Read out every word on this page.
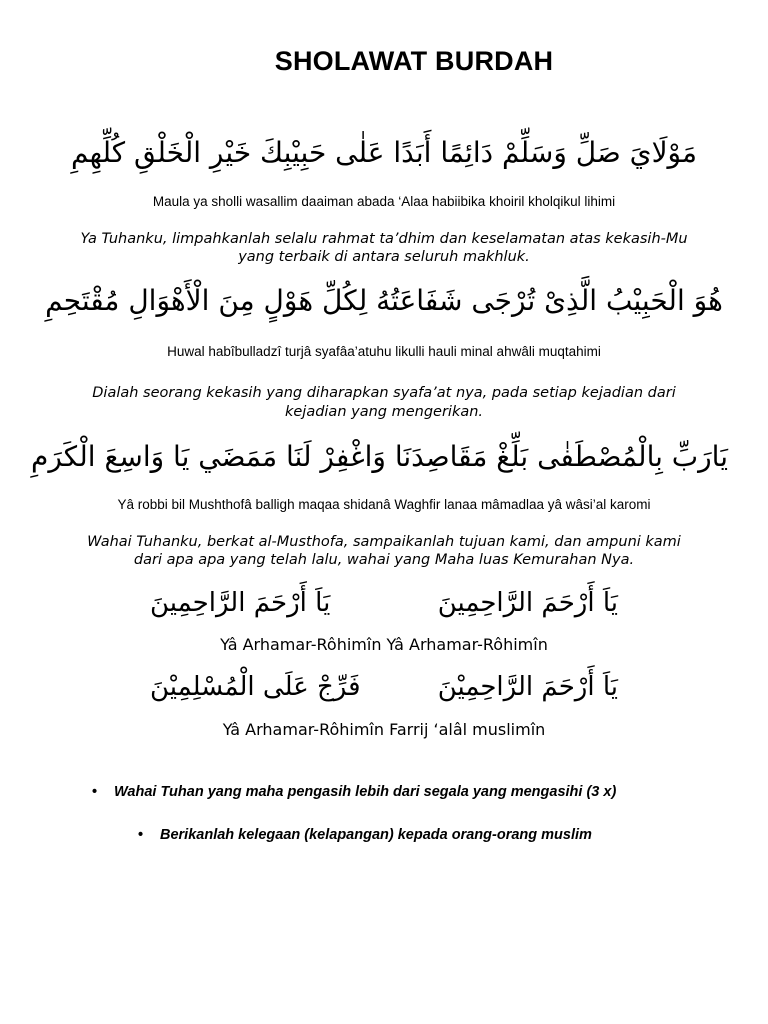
SHOLAWAT BURDAH
مَوْلَايَ صَلِّ وَسَلِّمْ دَائِمًا أَبَدًا عَلٰى حَبِيْبِكَ خَيْرِ الْخَلْقِ كُلِّهِمِ
Maula ya sholli wasallim daaiman abada ‘Alaa habiibika khoiril kholqikul lihimi
Ya Tuhanku, limpahkanlah selalu rahmat ta’dhim dan keselamatan atas kekasih-Mu
yang terbaik di antara seluruh makhluk.
هُوَ الْحَبِيْبُ الَّذِىْ تُرْجَى شَفَاعَتُهُ لِكُلِّ هَوْلٍ مِنَ الْأَهْوَالِ مُقْتَحِمِ
Huwal habîbulladzî turjâ syafâa’atuhu likulli hauli minal ahwâli muqtahimi
Dialah seorang kekasih yang diharapkan syafa’at nya, pada setiap kejadian dari
kejadian yang mengerikan.
يَارَبِّ بِالْمُصْطَفٰى بَلِّغْ مَقَاصِدَنَا وَاغْفِرْ لَنَا مَمَضَي يَا وَاسِعَ الْكَرَمِ
Yâ robbi bil Mushthofâ balligh maqaa shidanâ Waghfir lanaa mâmadlaa yâ wâsi’al karomi
Wahai Tuhanku, berkat al-Musthofa, sampaikanlah tujuan kami, dan ampuni kami
dari apa apa yang telah lalu, wahai yang Maha luas Kemurahan Nya.
يَاَ أَرْحَمَ الرَّاحِمِينَ
يَاَ أَرْحَمَ الرَّاحِمِينَ
Yâ Arhamar-Rôhimîn Yâ Arhamar-Rôhimîn
يَاَ أَرْحَمَ الرَّاحِمِيْنَ
فَرِّجْ عَلَى الْمُسْلِمِيْنَ
Yâ Arhamar-Rôhimîn Farrij ‘alâl muslimîn
• Wahai Tuhan yang maha pengasih lebih dari segala yang mengasihi (3 x)
• Berikanlah kelegaan (kelapangan) kepada orang-orang muslim
